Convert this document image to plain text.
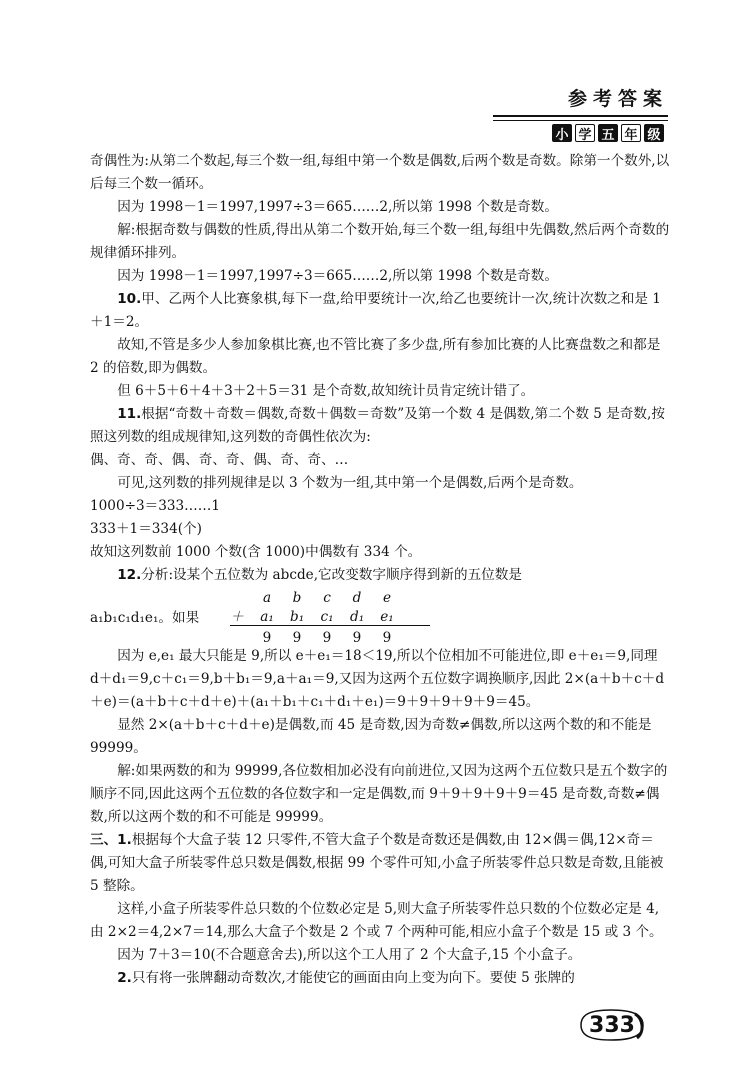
参考答案
小 学 五 年 级

奇偶性为:从第二个数起,每三个数一组,每组中第一个数是偶数,后两个数是奇数。除第一个数外,以后每三个数一循环。

因为 1998－1＝1997,1997÷3＝665……2,所以第 1998 个数是奇数。

解:根据奇数与偶数的性质,得出从第二个数开始,每三个数一组,每组中先偶数,然后两个奇数的规律循环排列。

因为 1998－1＝1997,1997÷3＝665……2,所以第 1998 个数是奇数。

10.甲、乙两个人比赛象棋,每下一盘,给甲要统计一次,给乙也要统计一次,统计次数之和是 1＋1＝2。

故知,不管是多少人参加象棋比赛,也不管比赛了多少盘,所有参加比赛的人比赛盘数之和都是 2 的倍数,即为偶数。

但 6＋5＋6＋4＋3＋2＋5＝31 是个奇数,故知统计员肯定统计错了。

11.根据“奇数＋奇数＝偶数,奇数＋偶数＝奇数”及第一个数 4 是偶数,第二个数 5 是奇数,按照这列数的组成规律知,这列数的奇偶性依次为:

偶、奇、奇、偶、奇、奇、偶、奇、奇、…

可见,这列数的排列规律是以 3 个数为一组,其中第一个是偶数,后两个是奇数。

1000÷3＝333……1

333＋1＝334(个)

故知这列数前 1000 个数(含 1000)中偶数有 334 个。

12.分析:设某个五位数为 abcde,它改变数字顺序得到新的五位数是

a₁b₁c₁d₁e₁。如果
a b c d e
＋ a₁ b₁ c₁ d₁ e₁
9 9 9 9 9

因为 e,e₁ 最大只能是 9,所以 e＋e₁＝18＜19,所以个位相加不可能进位,即 e＋e₁＝9,同理 d＋d₁＝9,c＋c₁＝9,b＋b₁＝9,a＋a₁＝9,又因为这两个五位数字调换顺序,因此 2×(a＋b＋c＋d＋e)＝(a＋b＋c＋d＋e)＋(a₁＋b₁＋c₁＋d₁＋e₁)＝9＋9＋9＋9＋9＝45。

显然 2×(a＋b＋c＋d＋e)是偶数,而 45 是奇数,因为奇数≠偶数,所以这两个数的和不能是 99999。

解:如果两数的和为 99999,各位数相加必没有向前进位,又因为这两个五位数只是五个数字的顺序不同,因此这两个五位数的各位数字和一定是偶数,而 9＋9＋9＋9＋9＝45 是奇数,奇数≠偶数,所以这两个数的和不可能是 99999。

三、1.根据每个大盒子装 12 只零件,不管大盒子个数是奇数还是偶数,由 12×偶＝偶,12×奇＝偶,可知大盒子所装零件总只数是偶数,根据 99 个零件可知,小盒子所装零件总只数是奇数,且能被 5 整除。

这样,小盒子所装零件总只数的个位数必定是 5,则大盒子所装零件总只数的个位数必定是 4,由 2×2＝4,2×7＝14,那么大盒子个数是 2 个或 7 个两种可能,相应小盒子个数是 15 或 3 个。

因为 7＋3＝10(不合题意舍去),所以这个工人用了 2 个大盒子,15 个小盒子。

2.只有将一张牌翻动奇数次,才能使它的画面由向上变为向下。要使 5 张牌的

333
